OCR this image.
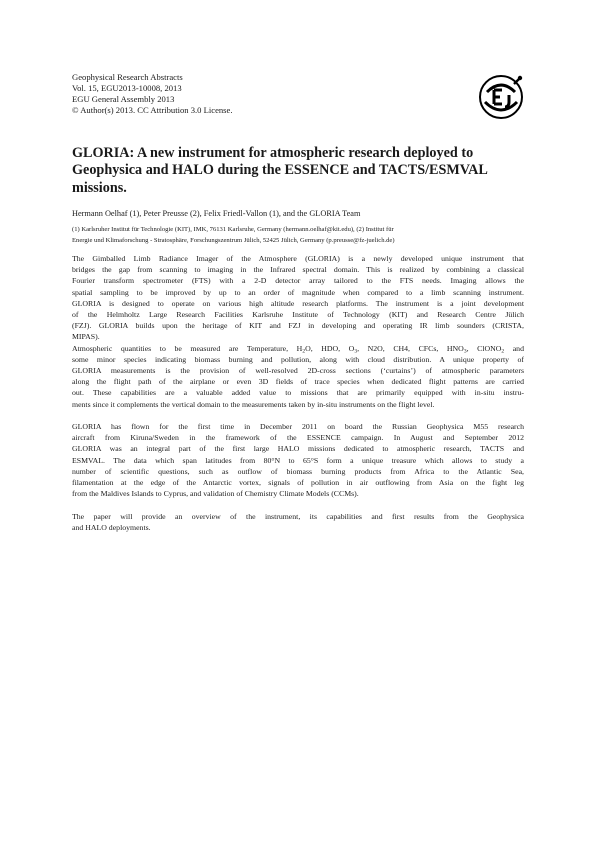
Geophysical Research Abstracts
Vol. 15, EGU2013-10008, 2013
EGU General Assembly 2013
© Author(s) 2013. CC Attribution 3.0 License.
GLORIA: A new instrument for atmospheric research deployed to Geophysica and HALO during the ESSENCE and TACTS/ESMVAL missions.
Hermann Oelhaf (1), Peter Preusse (2), Felix Friedl-Vallon (1), and the GLORIA Team
(1) Karlsruher Institut für Technologie (KIT), IMK, 76131 Karlsruhe, Germany (hermann.oelhaf@kit.edu), (2) Institut für
Energie und Klimaforschung - Stratosphäre, Forschungszentrum Jülich, 52425 Jülich, Germany (p.preusse@fz-juelich.de)
The Gimballed Limb Radiance Imager of the Atmosphere (GLORIA) is a newly developed unique instrument that
bridges the gap from scanning to imaging in the Infrared spectral domain. This is realized by combining a classical
Fourier transform spectrometer (FTS) with a 2-D detector array tailored to the FTS needs. Imaging allows the
spatial sampling to be improved by up to an order of magnitude when compared to a limb scanning instrument.
GLORIA is designed to operate on various high altitude research platforms. The instrument is a joint development
of the Helmholtz Large Research Facilities Karlsruhe Institute of Technology (KIT) and Research Centre Jülich
(FZJ). GLORIA builds upon the heritage of KIT and FZJ in developing and operating IR limb sounders (CRISTA,
MIPAS).
Atmospheric quantities to be measured are Temperature, $H_2O$, HDO, $O_3$, N2O, CH4, CFCs, $HNO_3$, ClONO$_2$ and
some minor species indicating biomass burning and pollution, along with cloud distribution. A unique property of
GLORIA measurements is the provision of well-resolved 2D-cross sections (‘curtains’) of atmospheric parameters
along the flight path of the airplane or even 3D fields of trace species when dedicated flight patterns are carried
out. These capabilities are a valuable added value to missions that are primarily equipped with in-situ instru-
ments since it complements the vertical domain to the measurements taken by in-situ instruments on the flight level.
GLORIA has flown for the first time in December 2011 on board the Russian Geophysica M55 research
aircraft from Kiruna/Sweden in the framework of the ESSENCE campaign. In August and September 2012
GLORIA was an integral part of the first large HALO missions dedicated to atmospheric research, TACTS and
ESMVAL. The data which span latitudes from 80°N to 65°S form a unique treasure which allows to study a
number of scientific questions, such as outflow of biomass burning products from Africa to the Atlantic Sea,
filamentation at the edge of the Antarctic vortex, signals of pollution in air outflowing from Asia on the fight leg
from the Maldives Islands to Cyprus, and validation of Chemistry Climate Models (CCMs).
The paper will provide an overview of the instrument, its capabilities and first results from the Geophysica
and HALO deployments.
